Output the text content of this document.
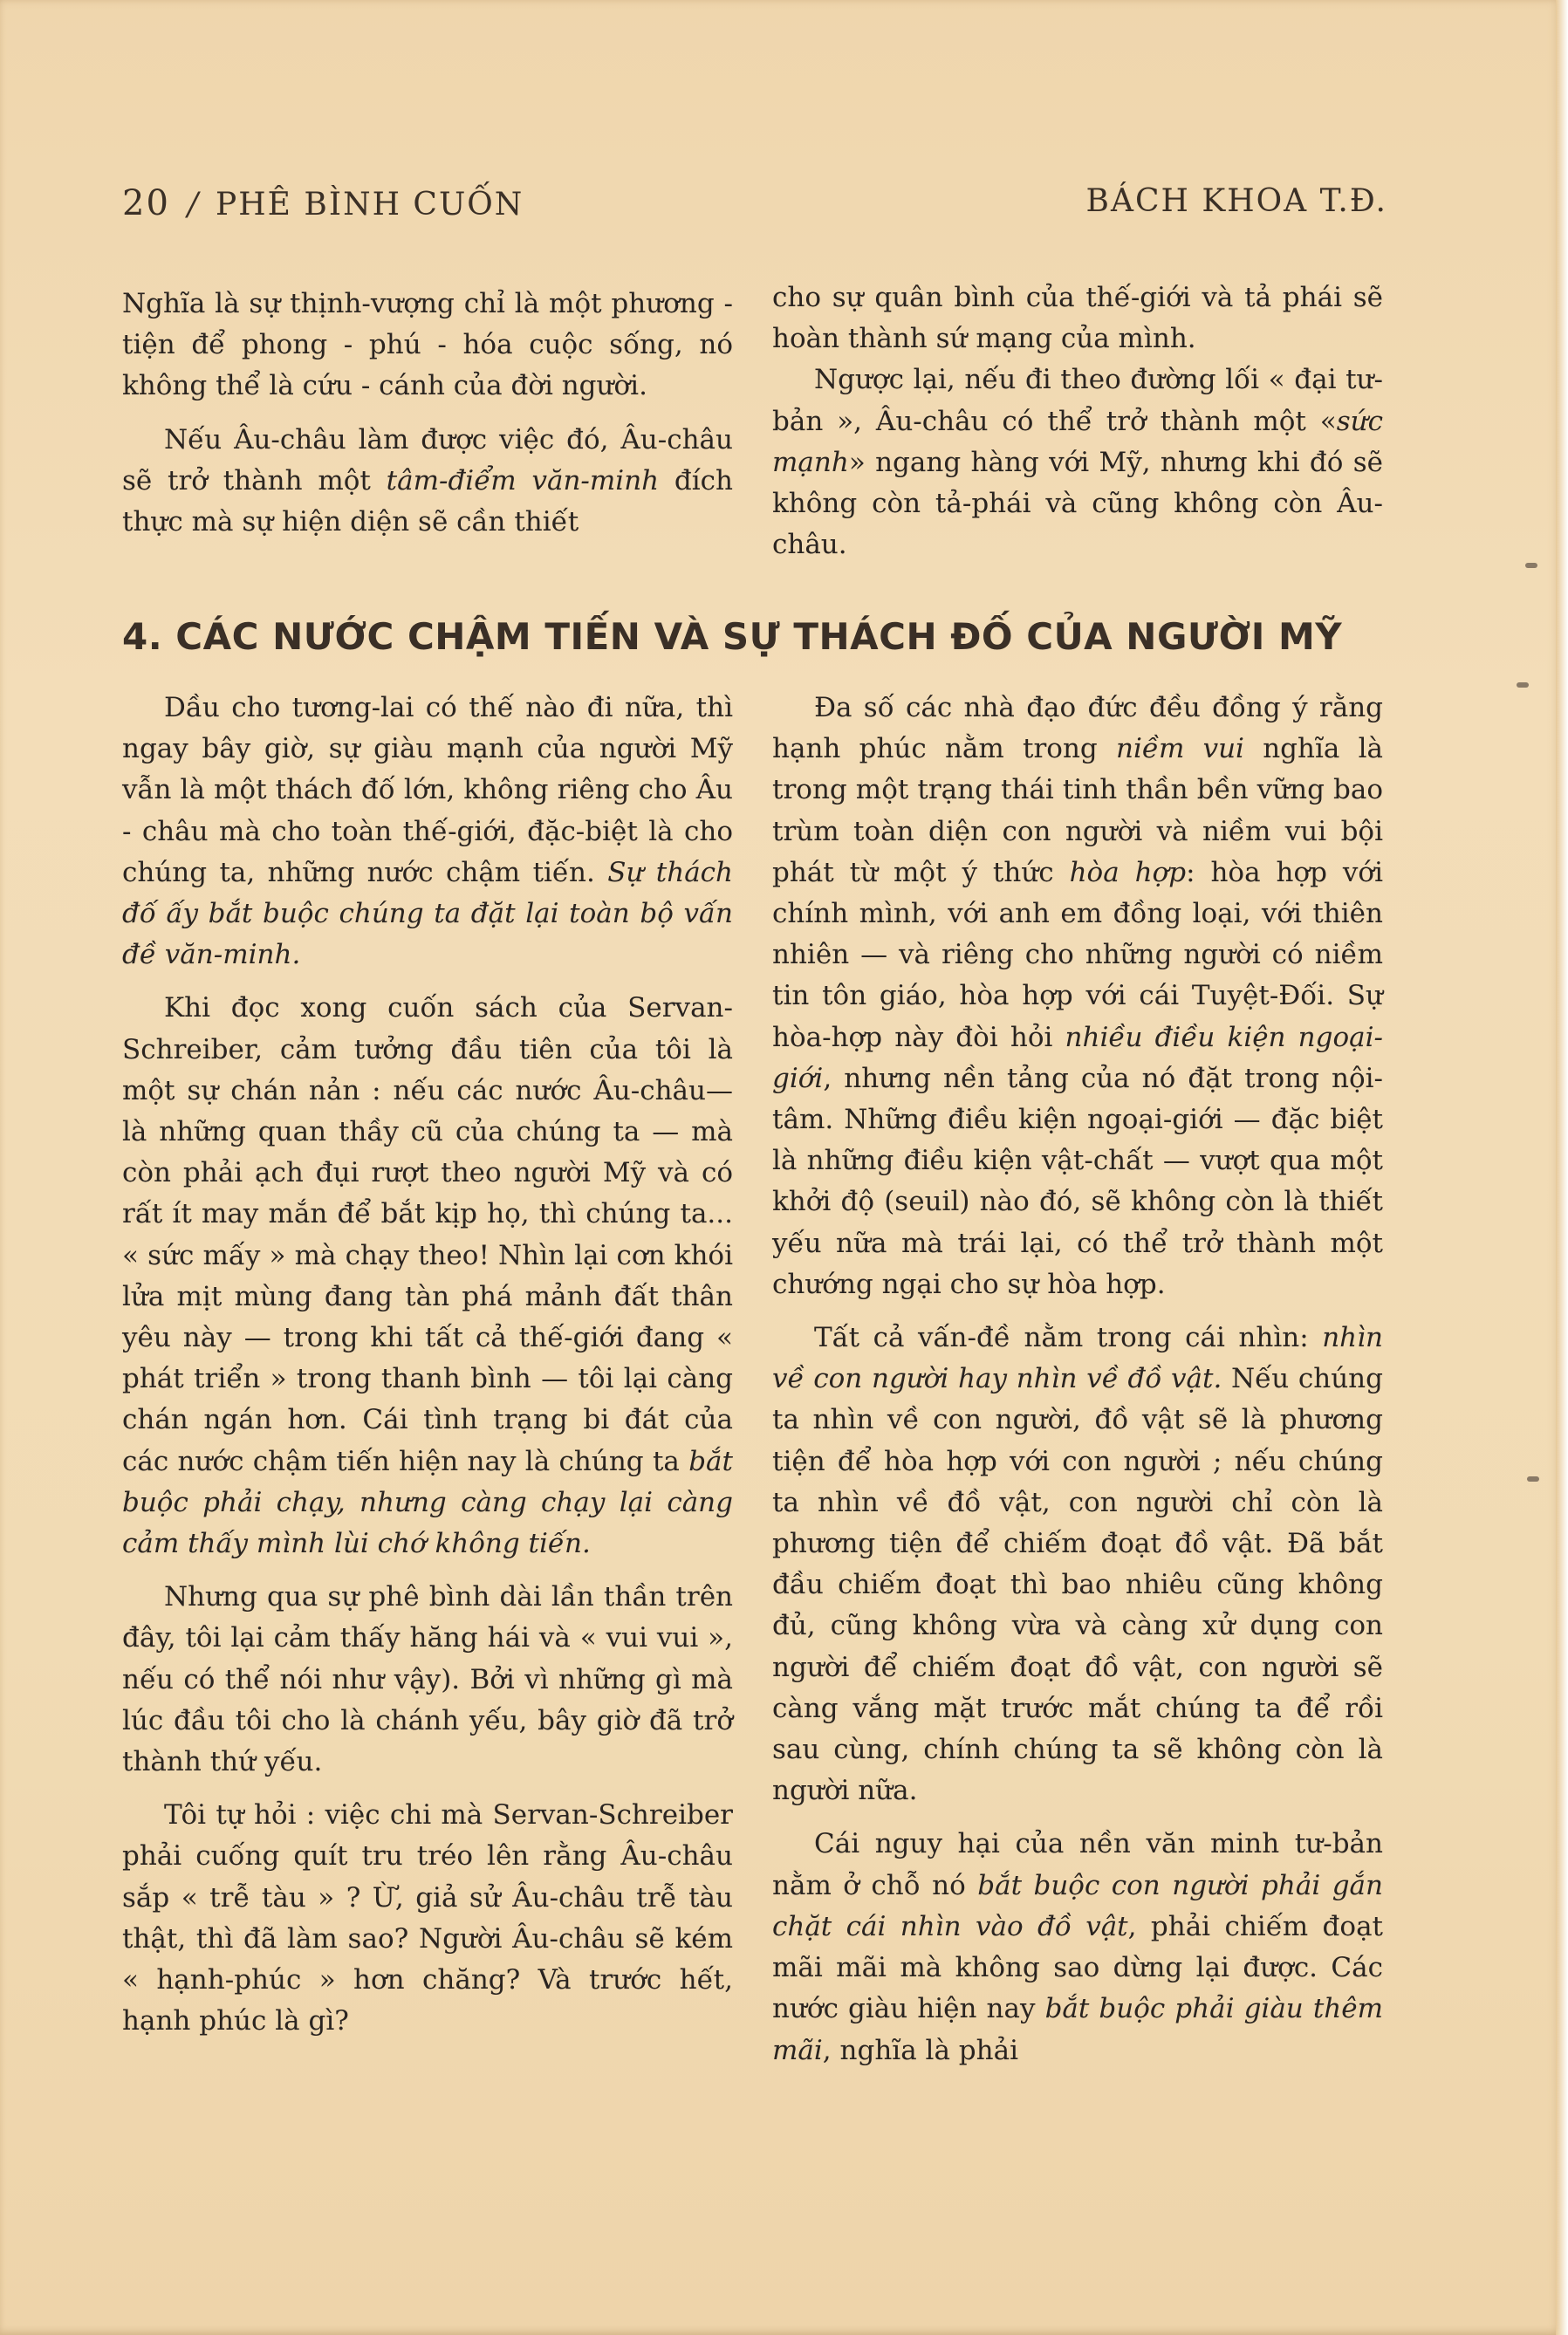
20 / PHÊ BÌNH CUỐN	BÁCH KHOA T.Đ.

Nghĩa là sự thịnh-vượng chỉ là một phương - tiện để phong - phú - hóa cuộc sống, nó không thể là cứu - cánh của đời người.

Nếu Âu-châu làm được việc đó, Âu-châu sẽ trở thành một tâm-điểm văn-minh đích thực mà sự hiện diện sẽ cần thiết

cho sự quân bình của thế-giới và tả phái sẽ hoàn thành sứ mạng của mình.

Ngược lại, nếu đi theo đường lối « đại tư-bản », Âu-châu có thể trở thành một «sức mạnh» ngang hàng với Mỹ, nhưng khi đó sẽ không còn tả-phái và cũng không còn Âu-châu.

4. CÁC NƯỚC CHẬM TIẾN VÀ SỰ THÁCH ĐỐ CỦA NGƯỜI MỸ

Dầu cho tương-lai có thế nào đi nữa, thì ngay bây giờ, sự giàu mạnh của người Mỹ vẫn là một thách đố lớn, không riêng cho Âu - châu mà cho toàn thế-giới, đặc-biệt là cho chúng ta, những nước chậm tiến. Sự thách đố ấy bắt buộc chúng ta đặt lại toàn bộ vấn đề văn-minh.

Khi đọc xong cuốn sách của Servan-Schreiber, cảm tưởng đầu tiên của tôi là một sự chán nản : nếu các nước Âu-châu— là những quan thầy cũ của chúng ta — mà còn phải ạch đụi rượt theo người Mỹ và có rất ít may mắn để bắt kịp họ, thì chúng ta... « sức mấy » mà chạy theo! Nhìn lại cơn khói lửa mịt mùng đang tàn phá mảnh đất thân yêu này — trong khi tất cả thế-giới đang « phát triển » trong thanh bình — tôi lại càng chán ngán hơn. Cái tình trạng bi đát của các nước chậm tiến hiện nay là chúng ta bắt buộc phải chạy, nhưng càng chạy lại càng cảm thấy mình lùi chớ không tiến.

Nhưng qua sự phê bình dài lần thần trên đây, tôi lại cảm thấy hăng hái và « vui vui », nếu có thể nói như vậy). Bởi vì những gì mà lúc đầu tôi cho là chánh yếu, bây giờ đã trở thành thứ yếu.

Tôi tự hỏi : việc chi mà Servan-Schreiber phải cuống quít tru tréo lên rằng Âu-châu sắp « trễ tàu » ? Ừ, giả sử Âu-châu trễ tàu thật, thì đã làm sao? Người Âu-châu sẽ kém « hạnh-phúc » hơn chăng? Và trước hết, hạnh phúc là gì?

Đa số các nhà đạo đức đều đồng ý rằng hạnh phúc nằm trong niềm vui nghĩa là trong một trạng thái tinh thần bền vững bao trùm toàn diện con người và niềm vui bội phát từ một ý thức hòa hợp: hòa hợp với chính mình, với anh em đồng loại, với thiên nhiên — và riêng cho những người có niềm tin tôn giáo, hòa hợp với cái Tuyệt-Đối. Sự hòa-hợp này đòi hỏi nhiều điều kiện ngoại-giới, nhưng nền tảng của nó đặt trong nội-tâm. Những điều kiện ngoại-giới — đặc biệt là những điều kiện vật-chất — vượt qua một khởi độ (seuil) nào đó, sẽ không còn là thiết yếu nữa mà trái lại, có thể trở thành một chướng ngại cho sự hòa hợp.

Tất cả vấn-đề nằm trong cái nhìn: nhìn về con người hay nhìn về đồ vật. Nếu chúng ta nhìn về con người, đồ vật sẽ là phương tiện để hòa hợp với con người ; nếu chúng ta nhìn về đồ vật, con người chỉ còn là phương tiện để chiếm đoạt đồ vật. Đã bắt đầu chiếm đoạt thì bao nhiêu cũng không đủ, cũng không vừa và càng xử dụng con người để chiếm đoạt đồ vật, con người sẽ càng vắng mặt trước mắt chúng ta để rồi sau cùng, chính chúng ta sẽ không còn là người nữa.

Cái nguy hại của nền văn minh tư-bản nằm ở chỗ nó bắt buộc con người phải gắn chặt cái nhìn vào đồ vật, phải chiếm đoạt mãi mãi mà không sao dừng lại được. Các nước giàu hiện nay bắt buộc phải giàu thêm mãi, nghĩa là phải
